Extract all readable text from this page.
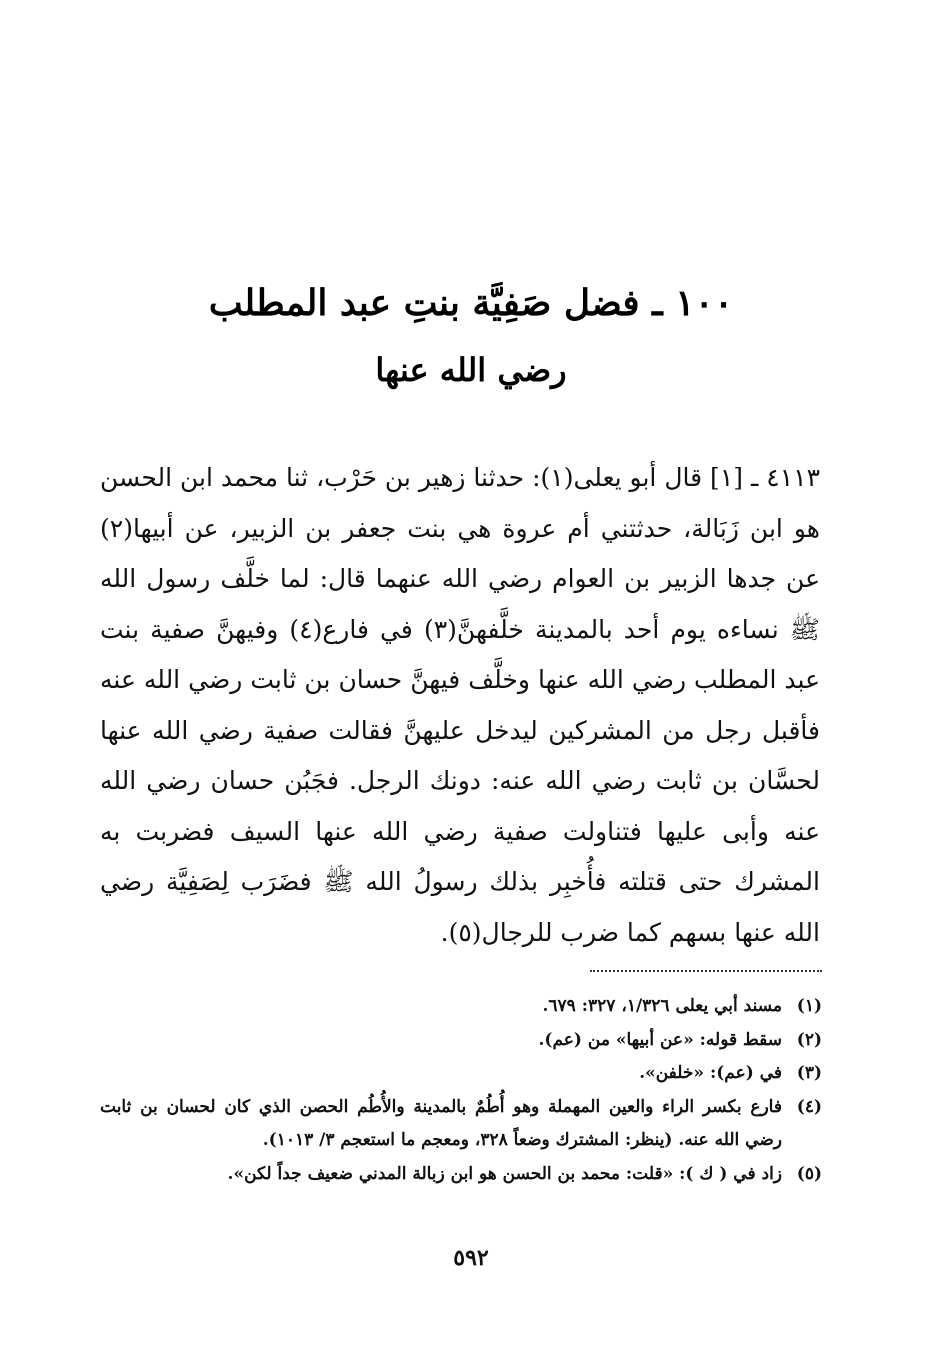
١٠٠ ـ فضل صَفِيَّة بنتِ عبد المطلب
رضي الله عنها

٤١١٣ ـ [١] قال أبو يعلى(١): حدثنا زهير بن حَرْب، ثنا محمد ابن الحسن هو ابن زَبَالة، حدثتني أم عروة هي بنت جعفر بن الزبير، عن أبيها(٢) عن جدها الزبير بن العوام رضي الله عنهما قال: لما خلَّف رسول الله ﷺ نساءه يوم أحد بالمدينة خلَّفهنَّ(٣) في فارع(٤) وفيهنَّ صفية بنت عبد المطلب رضي الله عنها وخلَّف فيهنَّ حسان بن ثابت رضي الله عنه فأقبل رجل من المشركين ليدخل عليهنَّ فقالت صفية رضي الله عنها لحسَّان بن ثابت رضي الله عنه: دونك الرجل. فجَبُن حسان رضي الله عنه وأبى عليها فتناولت صفية رضي الله عنها السيف فضربت به المشرك حتى قتلته فأُخبِر بذلك رسولُ الله ﷺ فضَرَب لِصَفِيَّة رضي الله عنها بسهم كما ضرب للرجال(٥).

(١)
مسند أبي يعلى ١/٣٢٦، ٣٢٧: ٦٧٩.
(٢)
سقط قوله: «عن أبيها» من (عم).
(٣)
في (عم): «خلفن».
(٤)
فارع بكسر الراء والعين المهملة وهو أُطُمٌ بالمدينة والأُطُم الحصن الذي كان لحسان بن ثابت رضي الله عنه. (ينظر: المشترك وضعاً ٣٢٨، ومعجم ما استعجم ٣/ ١٠١٣).
(٥)
زاد في ( ك ): «قلت: محمد بن الحسن هو ابن زبالة المدني ضعيف جداً لكن».
٥٩٢
